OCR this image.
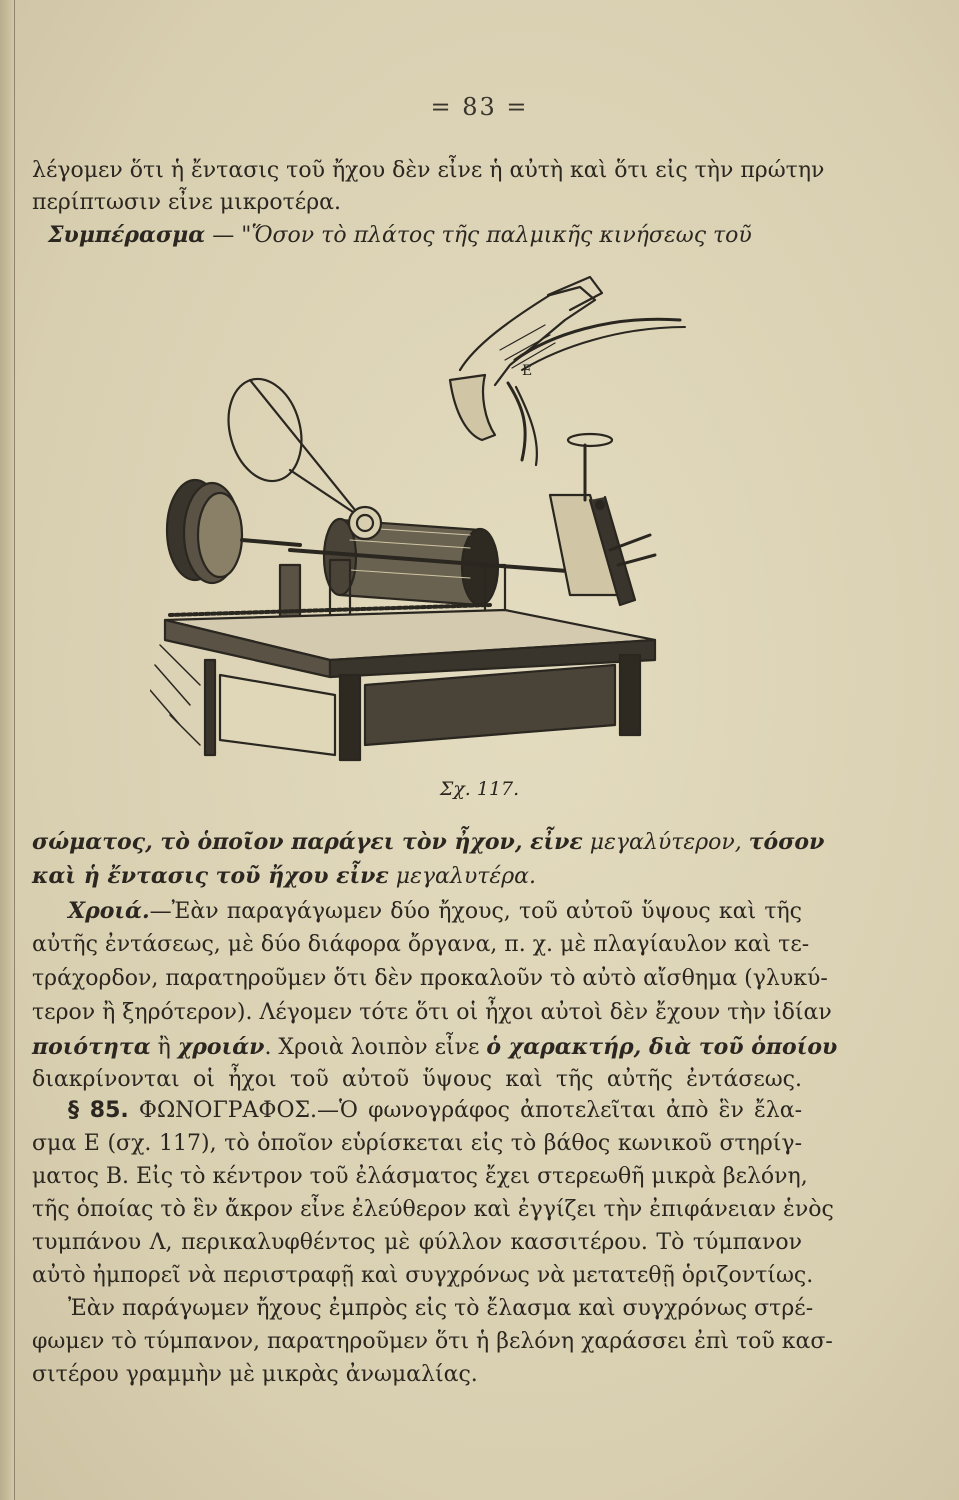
= 83 =
λέγομεν ὅτι ἡ ἔντασις τοῦ ἤχου δὲν εἶνε ἡ αὐτὴ καὶ ὅτι εἰς τὴν πρώτην
περίπτωσιν εἶνε μικροτέρα.
Συμπέρασμα — "Ὅσον τὸ πλάτος τῆς παλμικῆς κινήσεως τοῦ
E
Σχ. 117.
σώματος, τὸ ὁποῖον παράγει τὸν ἦχον, εἶνε μεγαλύτερον, τόσον
καὶ ἡ ἔντασις τοῦ ἤχου εἶνε μεγαλυτέρα.
Χροιά.—Ἐὰν παραγάγωμεν δύο ἤχους, τοῦ αὐτοῦ ὕψους καὶ τῆς
αὐτῆς ἐντάσεως, μὲ δύο διάφορα ὄργανα, π. χ. μὲ πλαγίαυλον καὶ τε-
τράχορδον, παρατηροῦμεν ὅτι δὲν προκαλοῦν τὸ αὐτὸ αἴσθημα (γλυκύ-
τερον ἢ ξηρότερον). Λέγομεν τότε ὅτι οἱ ἦχοι αὐτοὶ δὲν ἔχουν τὴν ἰδίαν
ποιότητα ἢ χροιάν. Χροιὰ λοιπὸν εἶνε ὁ χαρακτήρ, διὰ τοῦ ὁποίου
διακρίνονται οἱ ἦχοι τοῦ αὐτοῦ ὕψους καὶ τῆς αὐτῆς ἐντάσεως.
§ 85. ΦΩΝΟΓΡΑΦΟΣ.—Ὁ φωνογράφος ἀποτελεῖται ἀπὸ ἓν ἔλα-
σμα Ε (σχ. 117), τὸ ὁποῖον εὑρίσκεται εἰς τὸ βάθος κωνικοῦ στηρίγ-
ματος Β. Εἰς τὸ κέντρον τοῦ ἐλάσματος ἔχει στερεωθῆ μικρὰ βελόνη,
τῆς ὁποίας τὸ ἓν ἄκρον εἶνε ἐλεύθερον καὶ ἐγγίζει τὴν ἐπιφάνειαν ἑνὸς
τυμπάνου Λ, περικαλυφθέντος μὲ φύλλον κασσιτέρου. Τὸ τύμπανον
αὐτὸ ἠμπορεῖ νὰ περιστραφῇ καὶ συγχρόνως νὰ μετατεθῇ ὁριζοντίως.
Ἐὰν παράγωμεν ἤχους ἐμπρὸς εἰς τὸ ἔλασμα καὶ συγχρόνως στρέ-
φωμεν τὸ τύμπανον, παρατηροῦμεν ὅτι ἡ βελόνη χαράσσει ἐπὶ τοῦ κασ-
σιτέρου γραμμὴν μὲ μικρὰς ἀνωμαλίας.
